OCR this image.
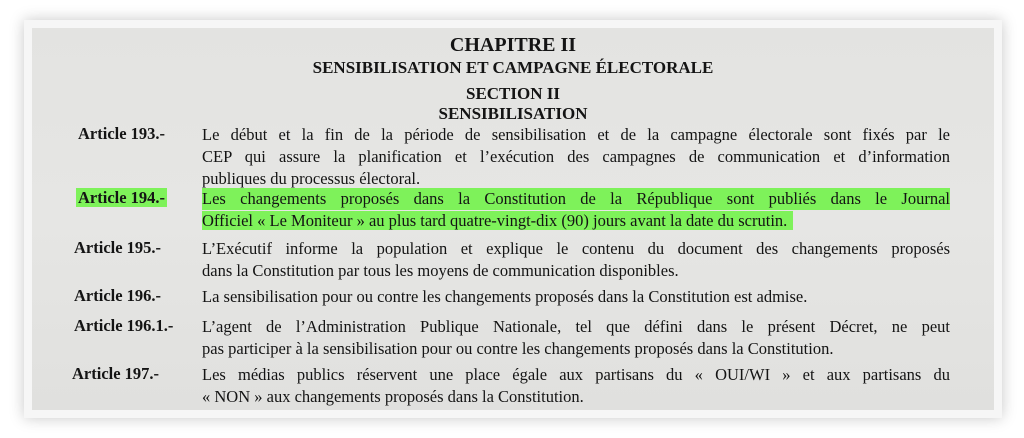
CHAPITRE II
SENSIBILISATION ET CAMPAGNE ÉLECTORALE
SECTION II
SENSIBILISATION
Article 193.- Le début et la fin de la période de sensibilisation et de la campagne électorale sont fixés par le
CEP qui assure la planification et l’exécution des campagnes de communication et d’information
publiques du processus électoral.
Article 194.- Les changements proposés dans la Constitution de la République sont publiés dans le Journal
Officiel « Le Moniteur » au plus tard quatre-vingt-dix (90) jours avant la date du scrutin.
Article 195.- L’Exécutif informe la population et explique le contenu du document des changements proposés
dans la Constitution par tous les moyens de communication disponibles.
Article 196.- La sensibilisation pour ou contre les changements proposés dans la Constitution est admise.
Article 196.1.- L’agent de l’Administration Publique Nationale, tel que défini dans le présent Décret, ne peut
pas participer à la sensibilisation pour ou contre les changements proposés dans la Constitution.
Article 197.-	Les médias publics réservent une place égale aux partisans du « OUI/WI » et aux partisans du
« NON » aux changements proposés dans la Constitution.
